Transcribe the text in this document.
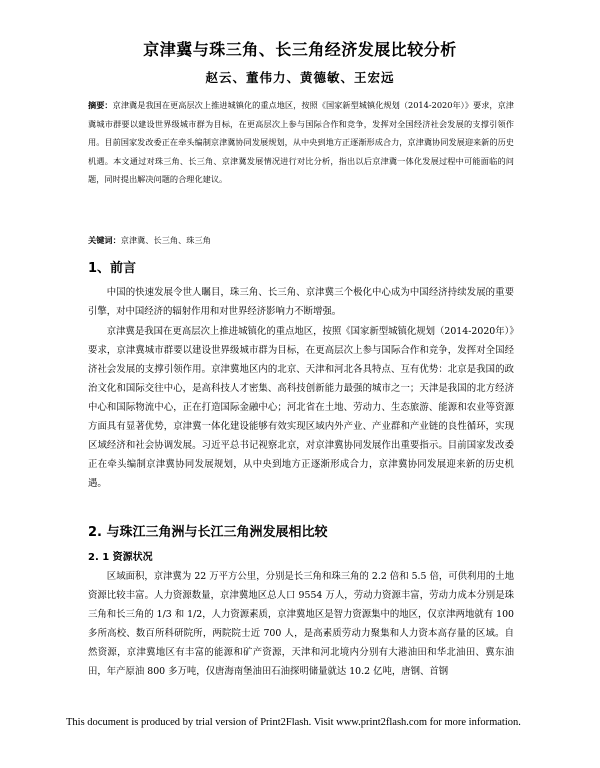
京津冀与珠三角、长三角经济发展比较分析
赵云、董伟力、黄德敏、王宏远
摘要：京津冀是我国在更高层次上推进城镇化的重点地区，按照《国家新型城镇化规划（2014-2020年）》要求，京津冀城市群要以建设世界级城市群为目标，在更高层次上参与国际合作和竞争，发挥对全国经济社会发展的支撑引领作用。目前国家发改委正在牵头编制京津冀协同发展规划，从中央到地方正逐渐形成合力，京津冀协同发展迎来新的历史机遇。本文通过对珠三角、长三角、京津冀发展情况进行对比分析，指出以后京津冀一体化发展过程中可能面临的问题，同时提出解决问题的合理化建议。
关键词：京津冀、长三角、珠三角
1、前言

中国的快速发展令世人瞩目，珠三角、长三角、京津冀三个极化中心成为中国经济持续发展的重要引擎，对中国经济的辐射作用和对世界经济影响力不断增强。

京津冀是我国在更高层次上推进城镇化的重点地区，按照《国家新型城镇化规划（2014-2020年）》要求，京津冀城市群要以建设世界级城市群为目标，在更高层次上参与国际合作和竞争，发挥对全国经济社会发展的支撑引领作用。京津冀地区内的北京、天津和河北各具特点、互有优势：北京是我国的政治文化和国际交往中心，是高科技人才密集、高科技创新能力最强的城市之一；天津是我国的北方经济中心和国际物流中心，正在打造国际金融中心；河北省在土地、劳动力、生态旅游、能源和农业等资源方面具有显著优势，京津冀一体化建设能够有效实现区域内外产业、产业群和产业链的良性循环，实现区域经济和社会协调发展。习近平总书记视察北京，对京津冀协同发展作出重要指示。目前国家发改委正在牵头编制京津冀协同发展规划，从中央到地方正逐渐形成合力，京津冀协同发展迎来新的历史机遇。

2. 与珠江三角洲与长江三角洲发展相比较
2. 1 资源状况

区域面积，京津冀为 22 万平方公里，分别是长三角和珠三角的 2.2 倍和 5.5 倍，可供利用的土地资源比较丰富。人力资源数量，京津冀地区总人口 9554 万人，劳动力资源丰富，劳动力成本分别是珠三角和长三角的 1/3 和 1/2，人力资源素质，京津冀地区是智力资源集中的地区，仅京津两地就有 100 多所高校、数百所科研院所，两院院士近 700 人，是高素质劳动力聚集和人力资本高存量的区域。自然资源，京津冀地区有丰富的能源和矿产资源，天津和河北境内分别有大港油田和华北油田、冀东油田，年产原油 800 多万吨，仅唐海南堡油田石油探明储量就达 10.2 亿吨，唐钢、首钢

This document is produced by trial version of Print2Flash. Visit www.print2flash.com for more information.
